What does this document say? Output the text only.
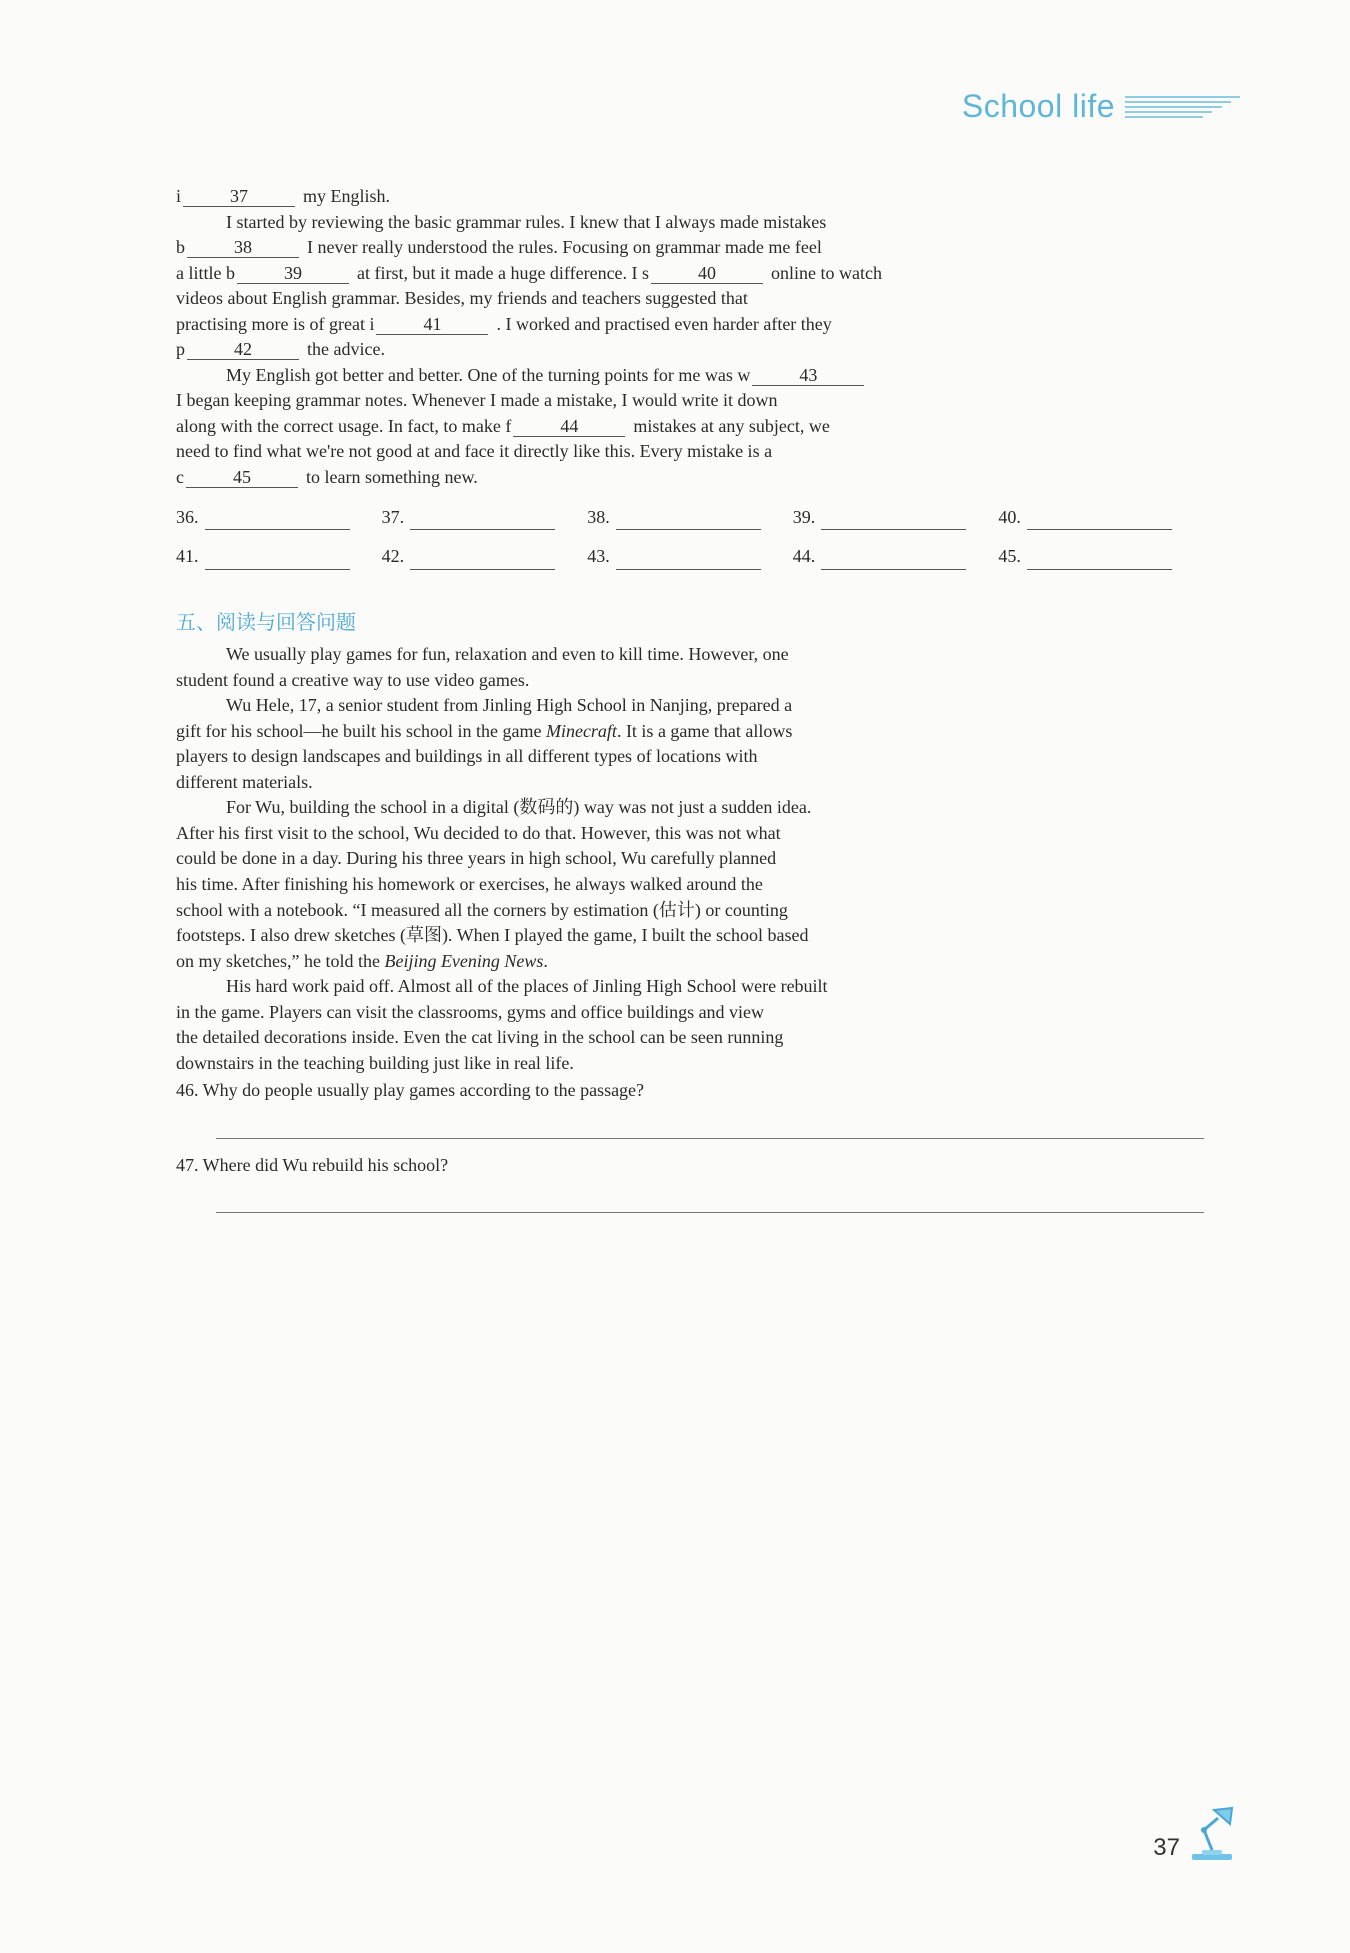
School life

i	37	my English.

I started by reviewing the basic grammar rules. I knew that I always made mistakes

b	38	I never really understood the rules. Focusing on grammar made me feel

a little b	39	at first, but it made a huge difference. I s	40	online to watch

videos about English grammar. Besides, my friends and teachers suggested that

practising more is of great i	41	. I worked and practised even harder after they

p	42	the advice.

My English got better and better. One of the turning points for me was w	43

I began keeping grammar notes. Whenever I made a mistake, I would write it down

along with the correct usage. In fact, to make f	44	mistakes at any subject, we

need to find what we're not good at and face it directly like this. Every mistake is a

c	45	to learn something new.

36.	37.	38.	39.	40.
41.	42.	43.	44.	45.
五、阅读与回答问题

We usually play games for fun, relaxation and even to kill time. However, one

student found a creative way to use video games.

Wu Hele, 17, a senior student from Jinling High School in Nanjing, prepared a

gift for his school—he built his school in the game Minecraft. It is a game that allows

players to design landscapes and buildings in all different types of locations with

different materials.

For Wu, building the school in a digital (数码的) way was not just a sudden idea.

After his first visit to the school, Wu decided to do that. However, this was not what

could be done in a day. During his three years in high school, Wu carefully planned

his time. After finishing his homework or exercises, he always walked around the

school with a notebook. “I measured all the corners by estimation (估计) or counting

footsteps. I also drew sketches (草图). When I played the game, I built the school based

on my sketches,” he told the Beijing Evening News.

His hard work paid off. Almost all of the places of Jinling High School were rebuilt

in the game. Players can visit the classrooms, gyms and office buildings and view

the detailed decorations inside. Even the cat living in the school can be seen running

downstairs in the teaching building just like in real life.

46. Why do people usually play games according to the passage?

47. Where did Wu rebuild his school?

37
